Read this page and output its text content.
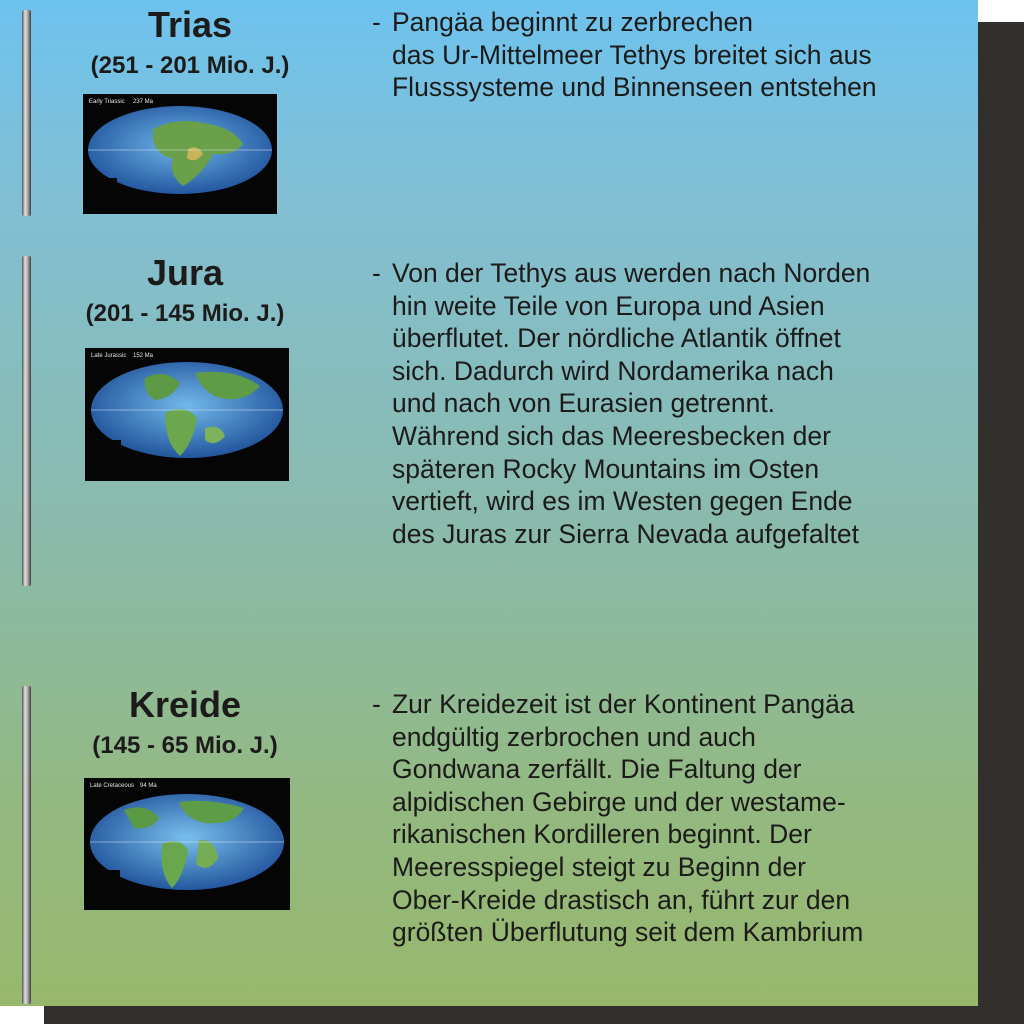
Trias
(251 - 201 Mio. J.)
Early Triassic 237 Ma
- Pangäa beginnt zu zerbrechen
das Ur-Mittelmeer Tethys breitet sich aus
Flusssysteme und Binnenseen entstehen
Jura
(201 - 145 Mio. J.)
Late Jurassic 152 Ma
- Von der Tethys aus werden nach Norden
hin weite Teile von Europa und Asien
überflutet. Der nördliche Atlantik öffnet
sich. Dadurch wird Nordamerika nach
und nach von Eurasien getrennt.
Während sich das Meeresbecken der
späteren Rocky Mountains im Osten
vertieft, wird es im Westen gegen Ende
des Juras zur Sierra Nevada aufgefaltet
Kreide
(145 - 65 Mio. J.)
Late Cretaceous 94 Ma
- Zur Kreidezeit ist der Kontinent Pangäa
endgültig zerbrochen und auch
Gondwana zerfällt. Die Faltung der
alpidischen Gebirge und der westame-
rikanischen Kordilleren beginnt. Der
Meeresspiegel steigt zu Beginn der
Ober-Kreide drastisch an, führt zur den
größten Überflutung seit dem Kambrium
